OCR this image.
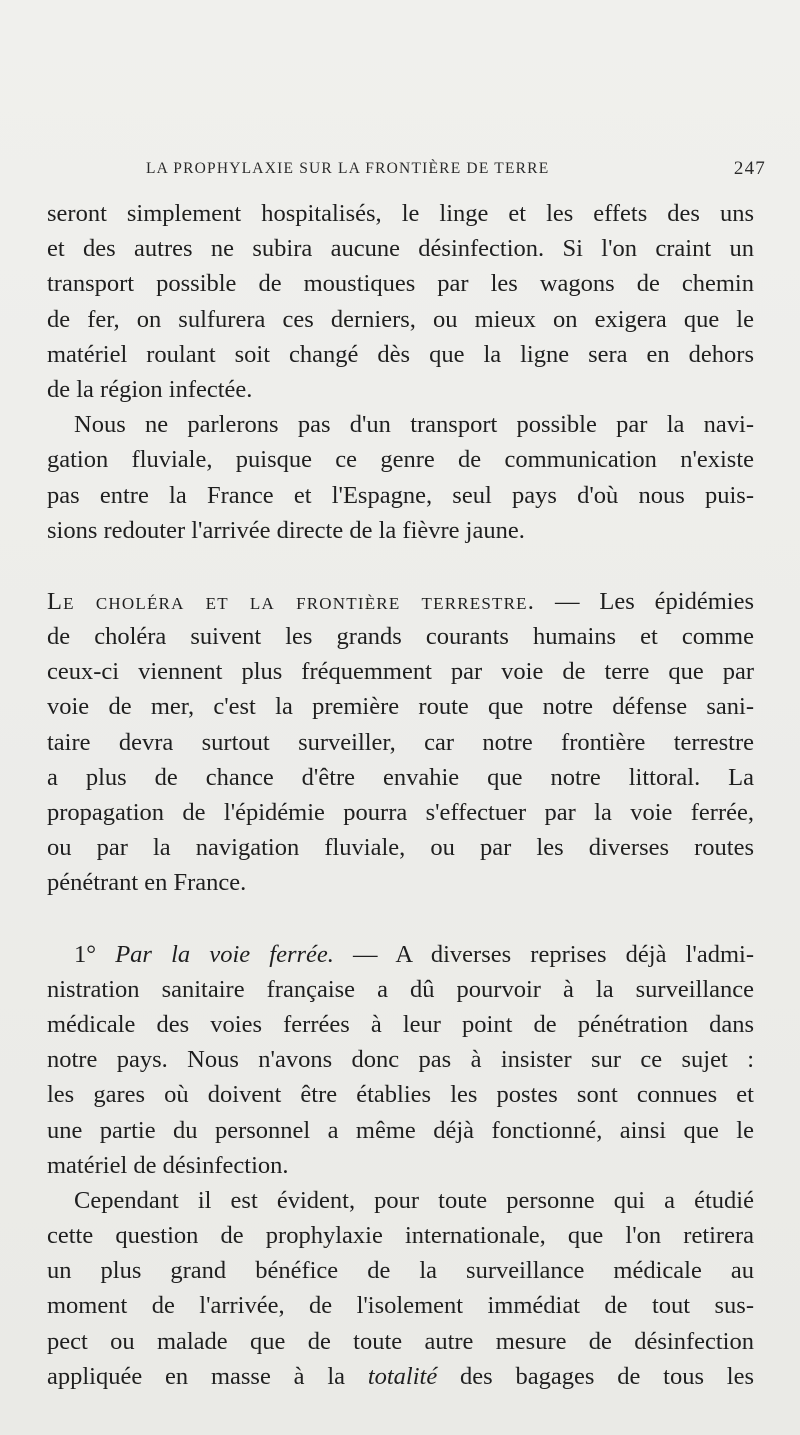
LA PROPHYLAXIE SUR LA FRONTIÈRE DE TERRE	247
seront simplement hospitalisés, le linge et les effets des uns
et des autres ne subira aucune désinfection. Si l'on craint un
transport possible de moustiques par les wagons de chemin
de fer, on sulfurera ces derniers, ou mieux on exigera que le
matériel roulant soit changé dès que la ligne sera en dehors
de la région infectée.
Nous ne parlerons pas d'un transport possible par la navi-
gation fluviale, puisque ce genre de communication n'existe
pas entre la France et l'Espagne, seul pays d'où nous puis-
sions redouter l'arrivée directe de la fièvre jaune.
Le choléra et la frontière terrestre. — Les épidémies
de choléra suivent les grands courants humains et comme
ceux-ci viennent plus fréquemment par voie de terre que par
voie de mer, c'est la première route que notre défense sani-
taire devra surtout surveiller, car notre frontière terrestre
a plus de chance d'être envahie que notre littoral. La
propagation de l'épidémie pourra s'effectuer par la voie ferrée,
ou par la navigation fluviale, ou par les diverses routes
pénétrant en France.
1° Par la voie ferrée. — A diverses reprises déjà l'admi-
nistration sanitaire française a dû pourvoir à la surveillance
médicale des voies ferrées à leur point de pénétration dans
notre pays. Nous n'avons donc pas à insister sur ce sujet :
les gares où doivent être établies les postes sont connues et
une partie du personnel a même déjà fonctionné, ainsi que le
matériel de désinfection.
Cependant il est évident, pour toute personne qui a étudié
cette question de prophylaxie internationale, que l'on retirera
un plus grand bénéfice de la surveillance médicale au
moment de l'arrivée, de l'isolement immédiat de tout sus-
pect ou malade que de toute autre mesure de désinfection
appliquée en masse à la totalité des bagages de tous les
